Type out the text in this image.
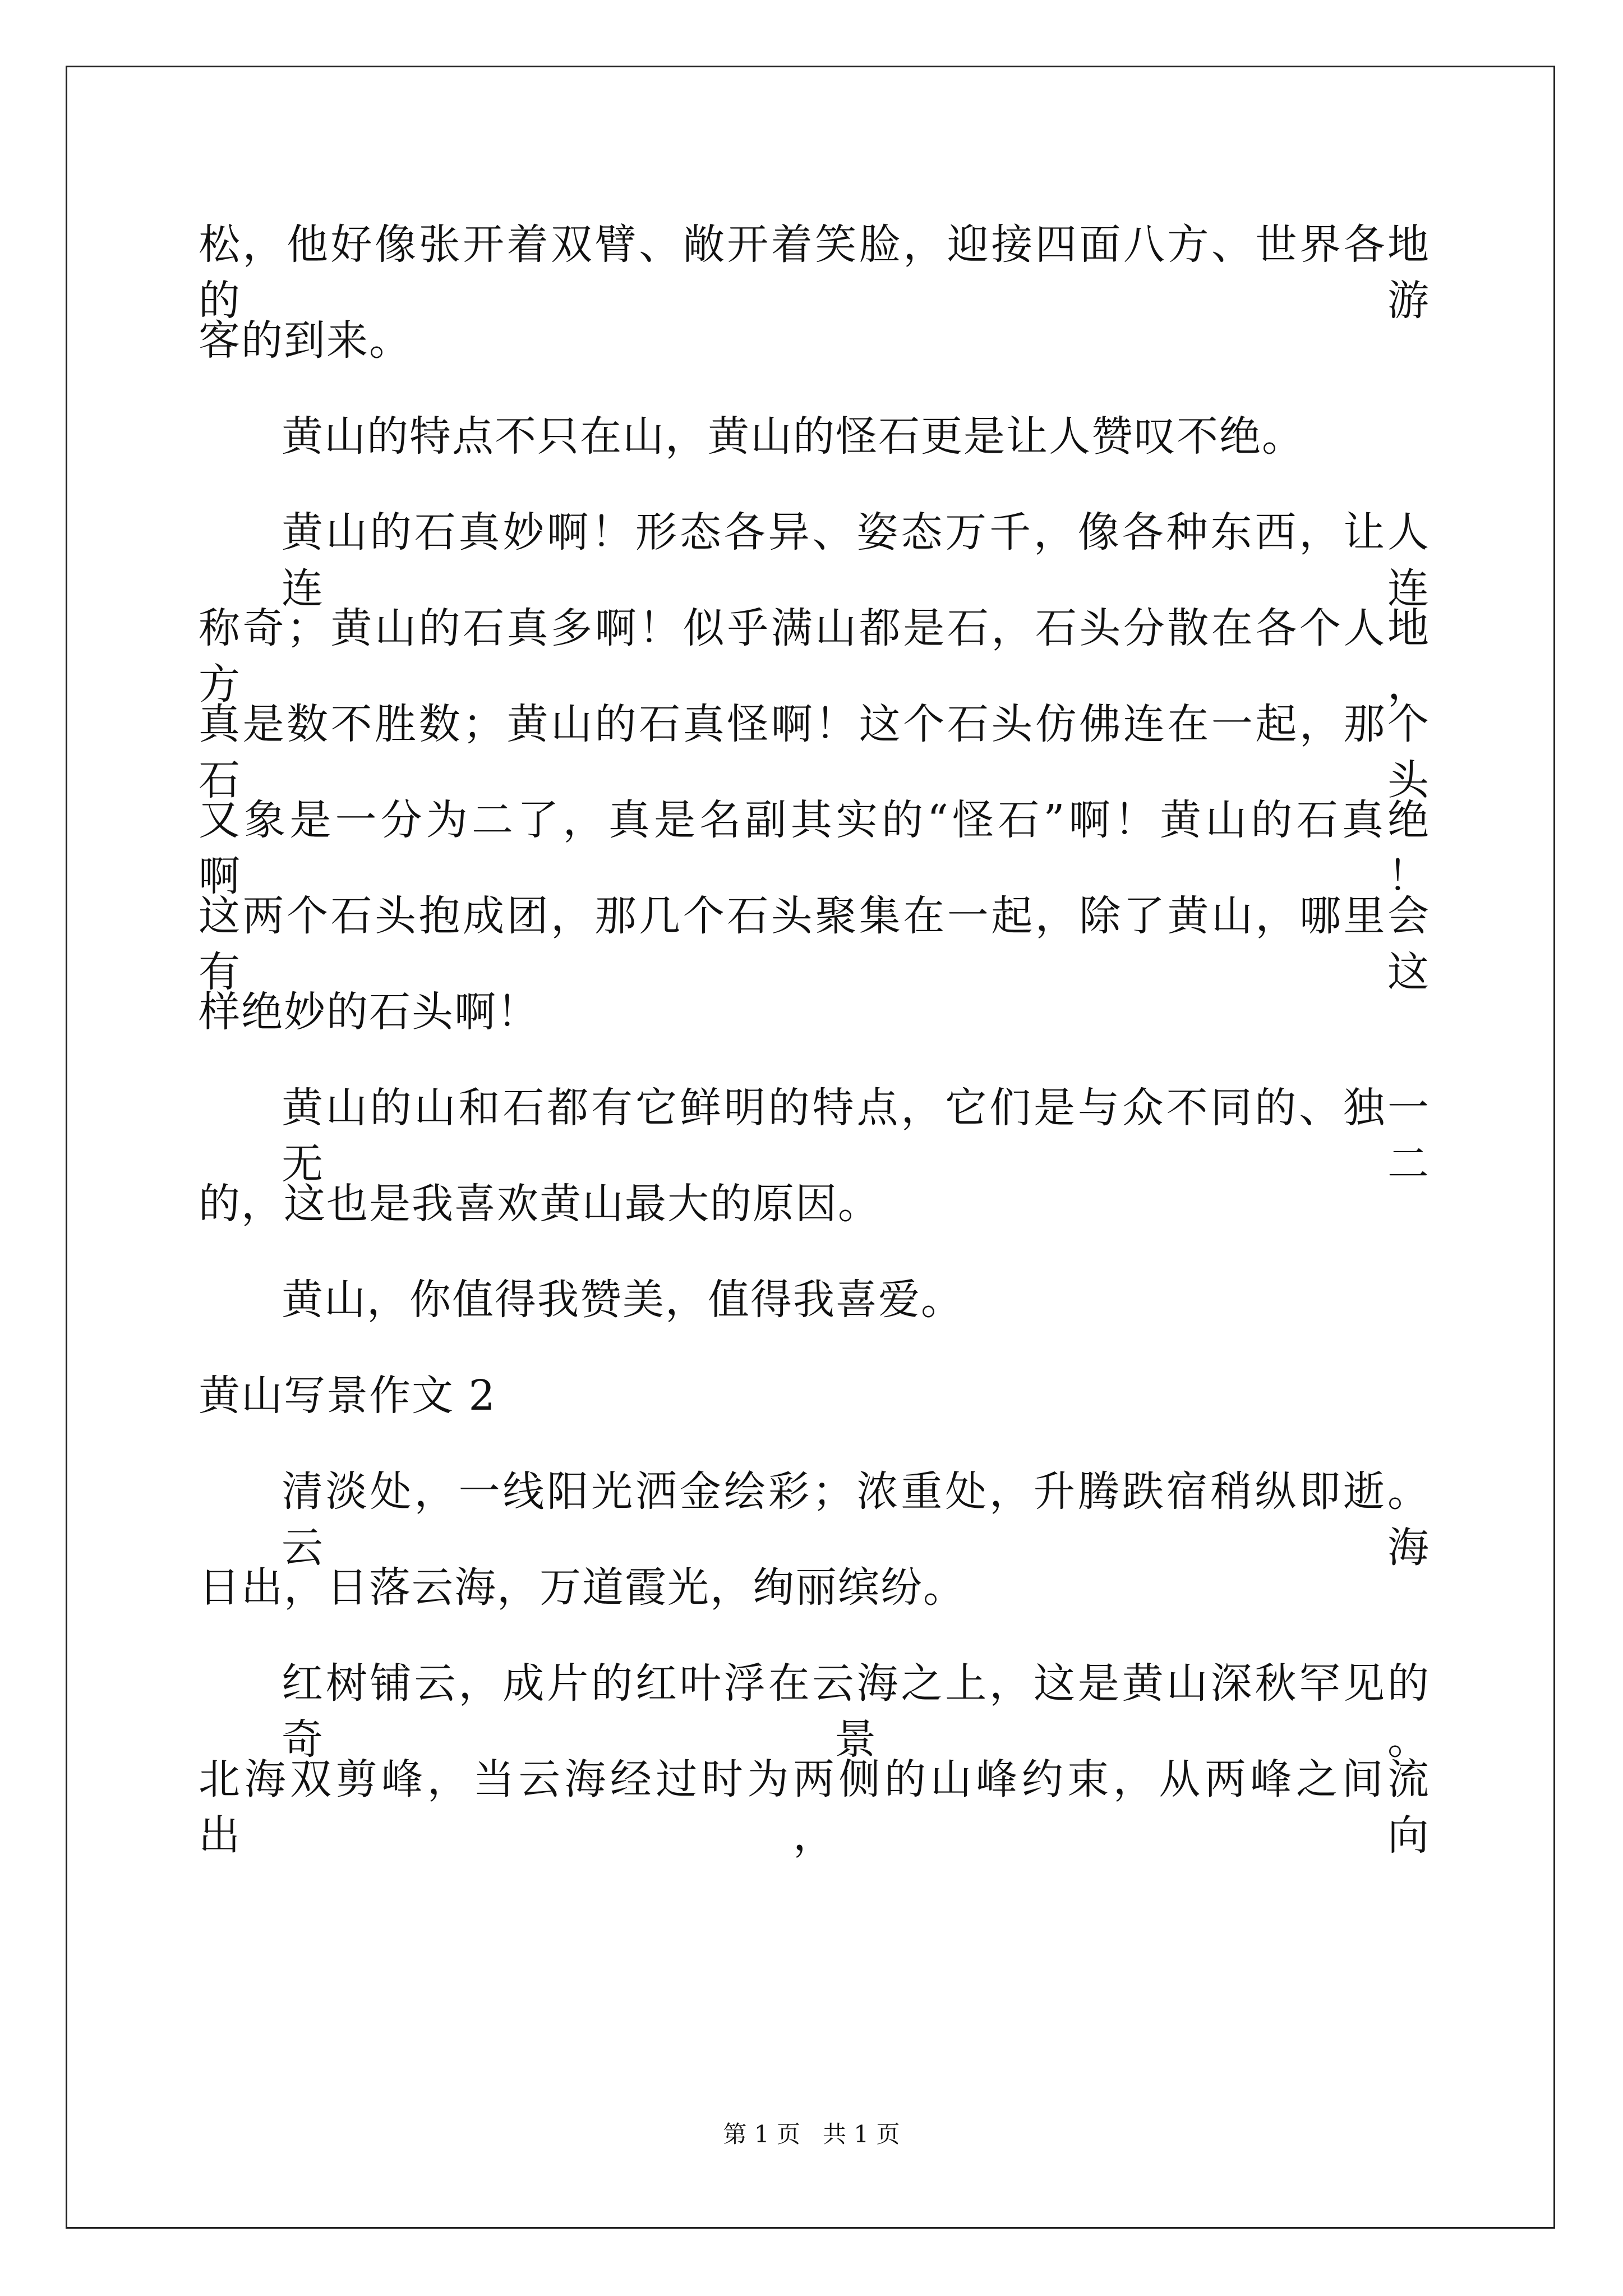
松，他好像张开着双臂、敞开着笑脸，迎接四面八方、世界各地的游
客的到来。
黄山的特点不只在山，黄山的怪石更是让人赞叹不绝。
黄山的石真妙啊！形态各异、姿态万千，像各种东西，让人连连
称奇；黄山的石真多啊！似乎满山都是石，石头分散在各个人地方，
真是数不胜数；黄山的石真怪啊！这个石头仿佛连在一起，那个石头
又象是一分为二了，真是名副其实的“怪石”啊！黄山的石真绝啊！
这两个石头抱成团，那几个石头聚集在一起，除了黄山，哪里会有这
样绝妙的石头啊！
黄山的山和石都有它鲜明的特点，它们是与众不同的、独一无二
的，这也是我喜欢黄山最大的原因。
黄山，你值得我赞美，值得我喜爱。
黄山写景作文 2
清淡处，一线阳光洒金绘彩；浓重处，升腾跌宿稍纵即逝。云海
日出，日落云海，万道霞光，绚丽缤纷。
红树铺云，成片的红叶浮在云海之上，这是黄山深秋罕见的奇景。
北海双剪峰，当云海经过时为两侧的山峰约束，从两峰之间流出，向
第 1 页   共 1 页
